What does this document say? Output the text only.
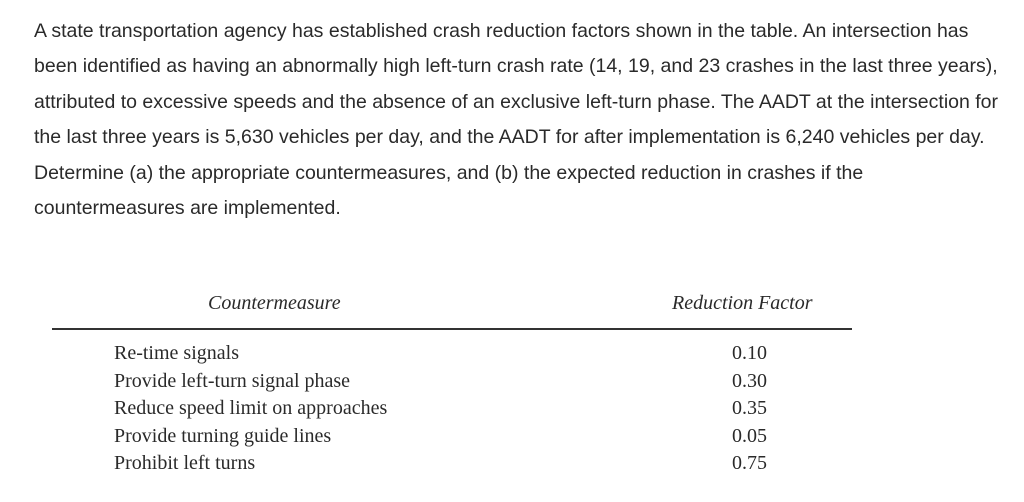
A state transportation agency has established crash reduction factors shown in the table. An intersection has been identified as having an abnormally high left-turn crash rate (14, 19, and 23 crashes in the last three years), attributed to excessive speeds and the absence of an exclusive left-turn phase. The AADT at the intersection for the last three years is 5,630 vehicles per day, and the AADT for after implementation is 6,240 vehicles per day. Determine (a) the appropriate countermeasures, and (b) the expected reduction in crashes if the countermeasures are implemented.

Countermeasure	Reduction Factor
Re-time signals	0.10
Provide left-turn signal phase	0.30
Reduce speed limit on approaches	0.35
Provide turning guide lines	0.05
Prohibit left turns	0.75
